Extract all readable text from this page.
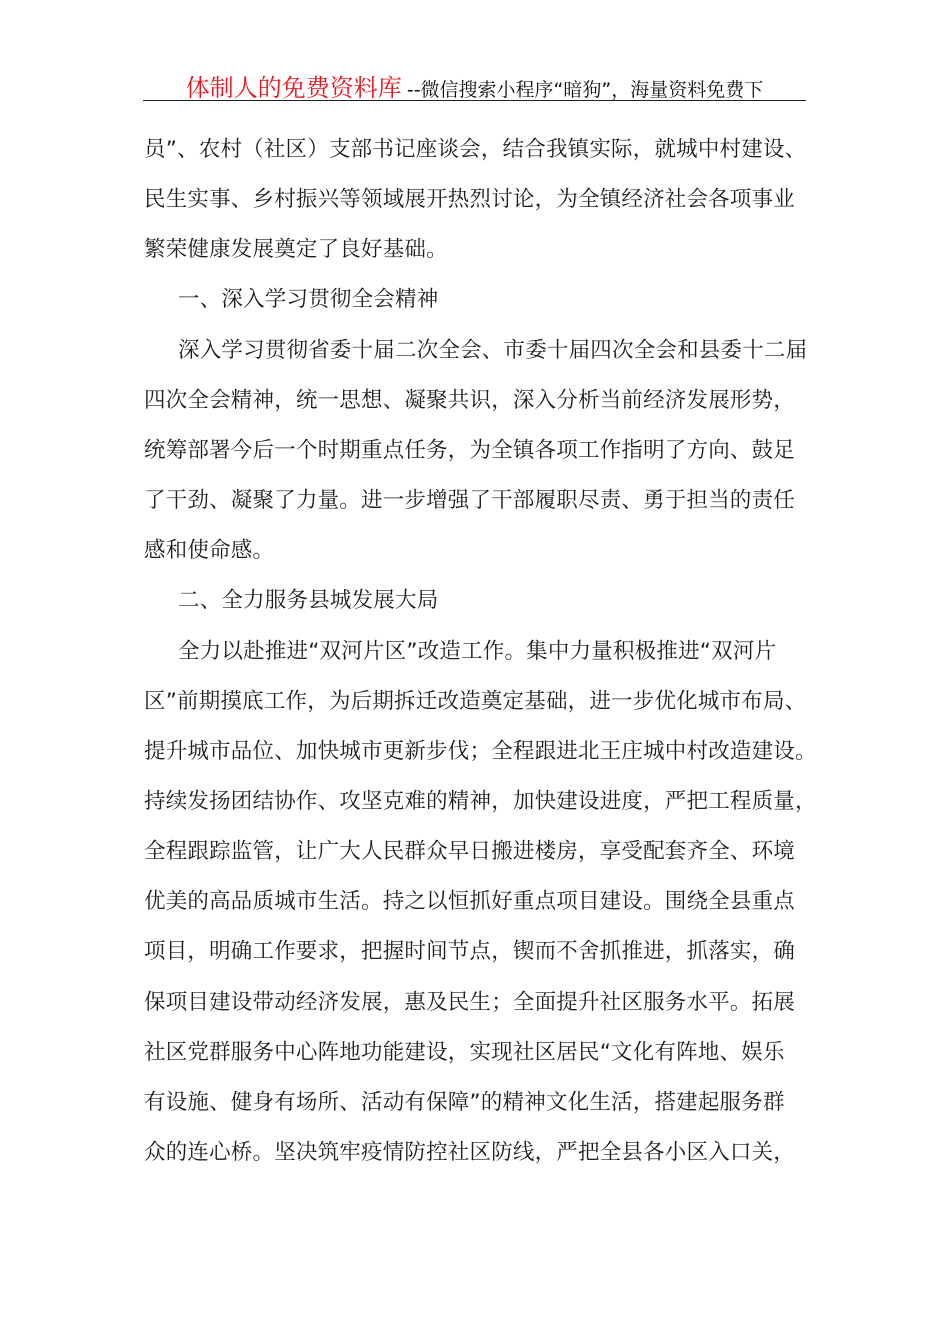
体制人的免费资料库 --微信搜索小程序“暗狗”，海量资料免费下
员”、农村（社区）支部书记座谈会，结合我镇实际，就城中村建设、
民生实事、乡村振兴等领域展开热烈讨论，为全镇经济社会各项事业
繁荣健康发展奠定了良好基础。
一、深入学习贯彻全会精神
深入学习贯彻省委十届二次全会、市委十届四次全会和县委十二届
四次全会精神，统一思想、凝聚共识，深入分析当前经济发展形势，
统筹部署今后一个时期重点任务，为全镇各项工作指明了方向、鼓足
了干劲、凝聚了力量。进一步增强了干部履职尽责、勇于担当的责任
感和使命感。
二、全力服务县城发展大局
全力以赴推进“双河片区”改造工作。集中力量积极推进“双河片
区”前期摸底工作，为后期拆迁改造奠定基础，进一步优化城市布局、
提升城市品位、加快城市更新步伐；全程跟进北王庄城中村改造建设。
持续发扬团结协作、攻坚克难的精神，加快建设进度，严把工程质量，
全程跟踪监管，让广大人民群众早日搬进楼房，享受配套齐全、环境
优美的高品质城市生活。持之以恒抓好重点项目建设。围绕全县重点
项目，明确工作要求，把握时间节点，锲而不舍抓推进，抓落实，确
保项目建设带动经济发展，惠及民生；全面提升社区服务水平。拓展
社区党群服务中心阵地功能建设，实现社区居民“文化有阵地、娱乐
有设施、健身有场所、活动有保障”的精神文化生活，搭建起服务群
众的连心桥。坚决筑牢疫情防控社区防线，严把全县各小区入口关，
